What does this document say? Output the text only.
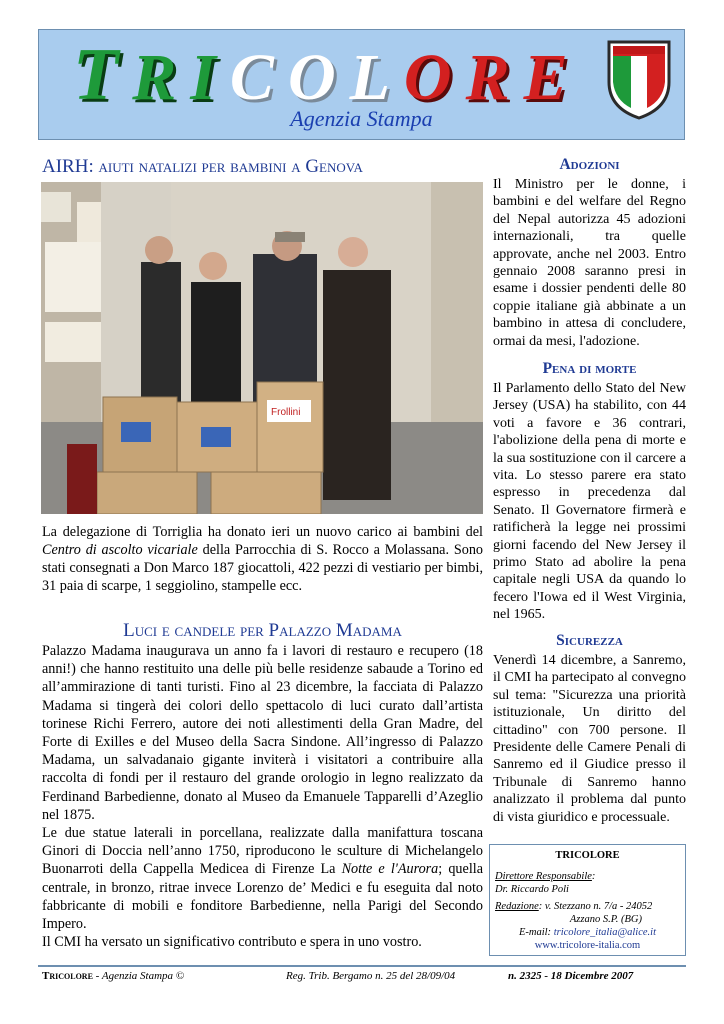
TRICOLORE
Agenzia Stampa
AIRH: aiuti natalizi per bambini a Genova
Frollini
La delegazione di Torriglia ha donato ieri un nuovo carico ai bambini del Centro di ascolto vicariale della Parrocchia di S. Rocco a Molassana. Sono stati consegnati a Don Marco 187 giocattoli, 422 pezzi di vestiario per bimbi, 31 paia di scarpe, 1 seggiolino, stampelle ecc.
Luci e candele per Palazzo Madama

Palazzo Madama inaugurava un anno fa i lavori di restauro e recupero (18 anni!) che hanno restituito una delle più belle residenze sabaude a Torino ed all’ammirazione di tanti turisti. Fino al 23 dicembre, la facciata di Palazzo Madama si tingerà dei colori dello spettacolo di luci curato dall’artista torinese Richi Ferrero, autore dei noti allestimenti della Gran Madre, del Forte di Exilles e del Museo della Sacra Sindone. All’ingresso di Palazzo Madama, un salvadanaio gigante inviterà i visitatori a contribuire alla raccolta di fondi per il restauro del grande orologio in legno realizzato da Ferdinand Barbedienne, donato al Museo da Emanuele Tapparelli d’Azeglio nel 1875.

Le due statue laterali in porcellana, realizzate dalla manifattura toscana Ginori di Doccia nell’anno 1750, riproducono le sculture di Michelangelo Buonarroti della Cappella Medicea di Firenze La Notte e l'Aurora; quella centrale, in bronzo, ritrae invece Lorenzo de’ Medici e fu eseguita dal noto fabbricante di mobili e fonditore Barbedienne, nella Parigi del Secondo Impero.

Il CMI ha versato un significativo contributo e spera in uno vostro.

Adozioni

Il Ministro per le donne, i bambini e del welfare del Regno del Nepal autorizza 45 adozioni internazionali, tra quelle approvate, anche nel 2003. Entro gennaio 2008 saranno presi in esame i dossier pendenti delle 80 coppie italiane già abbinate a un bambino in attesa di concludere, ormai da mesi, l'adozione.

Pena di morte

Il Parlamento dello Stato del New Jersey (USA) ha stabilito, con 44 voti a favore e 36 contrari, l'abolizione della pena di morte e la sua sostituzione con il carcere a vita. Lo stesso parere era stato espresso in precedenza dal Senato. Il Governatore firmerà e ratificherà la legge nei prossimi giorni facendo del New Jersey il primo Stato ad abolire la pena capitale negli USA da quando lo fecero l'Iowa ed il West Virginia, nel 1965.

Sicurezza

Venerdì 14 dicembre, a Sanremo, il CMI ha partecipato al convegno sul tema: "Sicurezza una priorità istituzionale, Un diritto del cittadino" con 700 persone. Il Presidente delle Camere Penali di Sanremo ed il Giudice presso il Tribunale di Sanremo hanno analizzato il problema dal punto di vista giuridico e processuale.

TRICOLORE
Direttore Responsabile:
Dr. Riccardo Poli
Redazione: v. Stezzano n. 7/a - 24052
Azzano S.P. (BG)
E-mail: tricolore_italia@alice.it
www.tricolore-italia.com
Tricolore - Agenzia Stampa ©	Reg. Trib. Bergamo n. 25 del 28/09/04	n. 2325 - 18 Dicembre 2007
